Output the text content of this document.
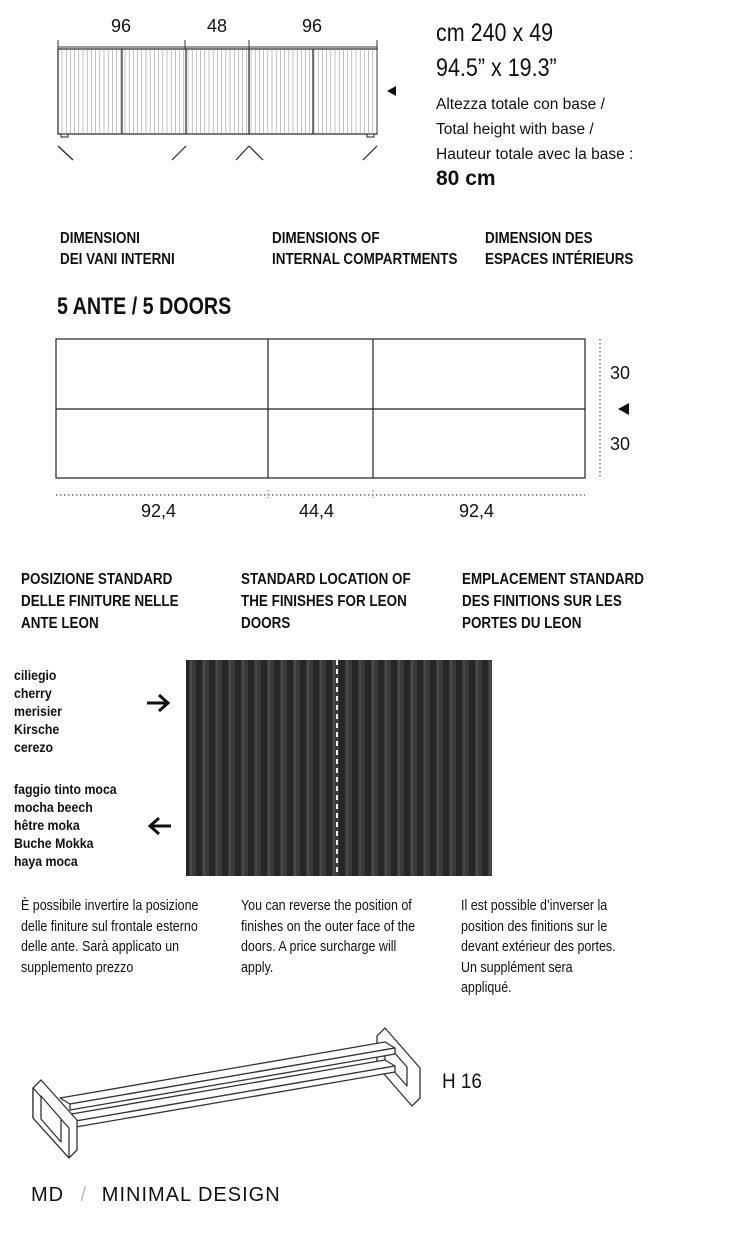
96	48	96	cm 240 x 49
94.5” x 19.3”
Altezza totale con base /
Total height with base /
Hauteur totale avec la base :
80 cm
DIMENSIONI
DEI VANI INTERNI
DIMENSIONS OF
INTERNAL COMPARTMENTS
DIMENSION DES
ESPACES INTÉRIEURS
5 ANTE / 5 DOORS
30
30
92,4	44,4	92,4
POSIZIONE STANDARD
DELLE FINITURE NELLE
ANTE LEON
STANDARD LOCATION OF
THE FINISHES FOR LEON
DOORS
EMPLACEMENT STANDARD
DES FINITIONS SUR LES
PORTES DU LEON
ciliegio
cherry
merisier
Kirsche
cerezo
faggio tinto moca
mocha beech
hêtre moka
Buche Mokka
haya moca
È possibile invertire la posizione
delle finiture sul frontale esterno
delle ante. Sarà applicato un
supplemento prezzo
You can reverse the position of
finishes on the outer face of the
doors. A price surcharge will
apply.
Il est possible d’inverser la
position des finitions sur le
devant extérieur des portes.
Un supplément sera
appliqué.
H 16
MD / MINIMAL DESIGN
